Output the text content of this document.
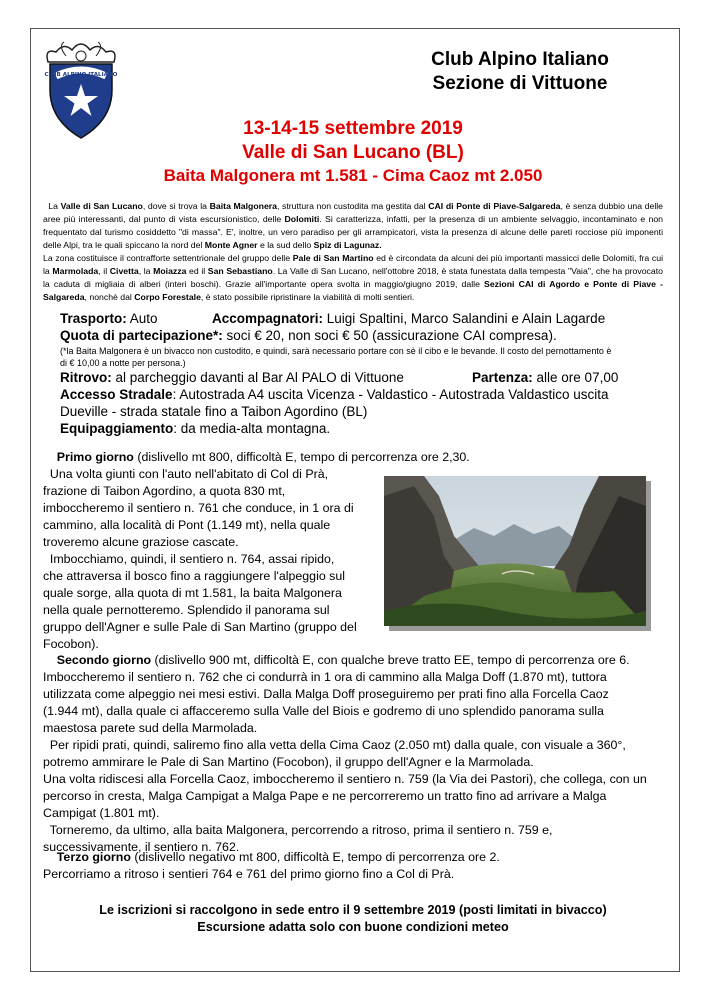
CLUB ALPINO ITALIANO
Club Alpino Italiano
Sezione di Vittuone
13-14-15 settembre 2019
Valle di San Lucano (BL)
Baita Malgonera mt 1.581 - Cima Caoz mt 2.050
La Valle di San Lucano, dove si trova la Baita Malgonera, struttura non custodita ma gestita dal CAI di Ponte di Piave-Salgareda, è senza dubbio una delle aree più interessanti, dal punto di vista escursionistico, delle Dolomiti. Si caratterizza, infatti, per la presenza di un ambiente selvaggio, incontaminato e non frequentato dal turismo cosiddetto "di massa". E', inoltre, un vero paradiso per gli arrampicatori, vista la presenza di alcune delle pareti rocciose più imponenti delle Alpi, tra le quali spiccano la nord del Monte Agner e la sud dello Spiz di Lagunaz.
La zona costituisce il contrafforte settentrionale del gruppo delle Pale di San Martino ed è circondata da alcuni dei più importanti massicci delle Dolomiti, fra cui la Marmolada, il Civetta, la Moiazza ed il San Sebastiano. La Valle di San Lucano, nell'ottobre 2018, è stata funestata dalla tempesta "Vaia", che ha provocato la caduta di migliaia di alberi (interi boschi). Grazie all'importante opera svolta in maggio/giugno 2019, dalle Sezioni CAI di Agordo e Ponte di Piave - Salgareda, nonchè dal Corpo Forestale, è stato possibile ripristinare la viabilità di molti sentieri.
Trasporto: Auto	Accompagnatori: Luigi Spaltini, Marco Salandini e Alain Lagarde
Quota di partecipazione*: soci € 20, non soci € 50 (assicurazione CAI compresa).
(*la Baita Malgonera è un bivacco non custodito, e quindi, sarà necessario portare con sè il cibo e le bevande. Il costo del pernottamento è
di € 10,00 a notte per persona.)
Ritrovo: al parcheggio davanti al Bar Al PALO di Vittuone	Partenza: alle ore 07,00
Accesso Stradale: Autostrada A4 uscita Vicenza - Valdastico - Autostrada Valdastico uscita
Dueville - strada statale fino a Taibon Agordino (BL)
Equipaggiamento: da media-alta montagna.
Primo giorno (dislivello mt 800, difficoltà E, tempo di percorrenza ore 2,30.
Una volta giunti con l'auto nell'abitato di Col di Prà,
frazione di Taibon Agordino, a quota 830 mt,
imboccheremo il sentiero n. 761 che conduce, in 1 ora di
cammino, alla località di Pont (1.149 mt), nella quale
troveremo alcune graziose cascate.
Imbocchiamo, quindi, il sentiero n. 764, assai ripido,
che attraversa il bosco fino a raggiungere l'alpeggio sul
quale sorge, alla quota di mt 1.581, la baita Malgonera
nella quale pernotteremo. Splendido il panorama sul
gruppo dell'Agner e sulle Pale di San Martino (gruppo del
Focobon).
Secondo giorno (dislivello 900 mt, difficoltà E, con qualche breve tratto EE, tempo di percorrenza ore 6.
Imboccheremo il sentiero n. 762 che ci condurrà in 1 ora di cammino alla Malga Doff (1.870 mt), tuttora
utilizzata come alpeggio nei mesi estivi. Dalla Malga Doff proseguiremo per prati fino alla Forcella Caoz
(1.944 mt), dalla quale ci affacceremo sulla Valle del Biois e godremo di uno splendido panorama sulla
maestosa parete sud della Marmolada.
Per ripidi prati, quindi, saliremo fino alla vetta della Cima Caoz (2.050 mt) dalla quale, con visuale a 360°,
potremo ammirare le Pale di San Martino (Focobon), il gruppo dell'Agner e la Marmolada.
Una volta ridiscesi alla Forcella Caoz, imboccheremo il sentiero n. 759 (la Via dei Pastori), che collega, con un
percorso in cresta, Malga Campigat a Malga Pape e ne percorreremo un tratto fino ad arrivare a Malga
Campigat (1.801 mt).
Torneremo, da ultimo, alla baita Malgonera, percorrendo a ritroso, prima il sentiero n. 759 e,
successivamente, il sentiero n. 762.
Terzo giorno (dislivello negativo mt 800, difficoltà E, tempo di percorrenza ore 2.
Percorriamo a ritroso i sentieri 764 e 761 del primo giorno fino a Col di Prà.
Le iscrizioni si raccolgono in sede entro il 9 settembre 2019 (posti limitati in bivacco)
Escursione adatta solo con buone condizioni meteo
